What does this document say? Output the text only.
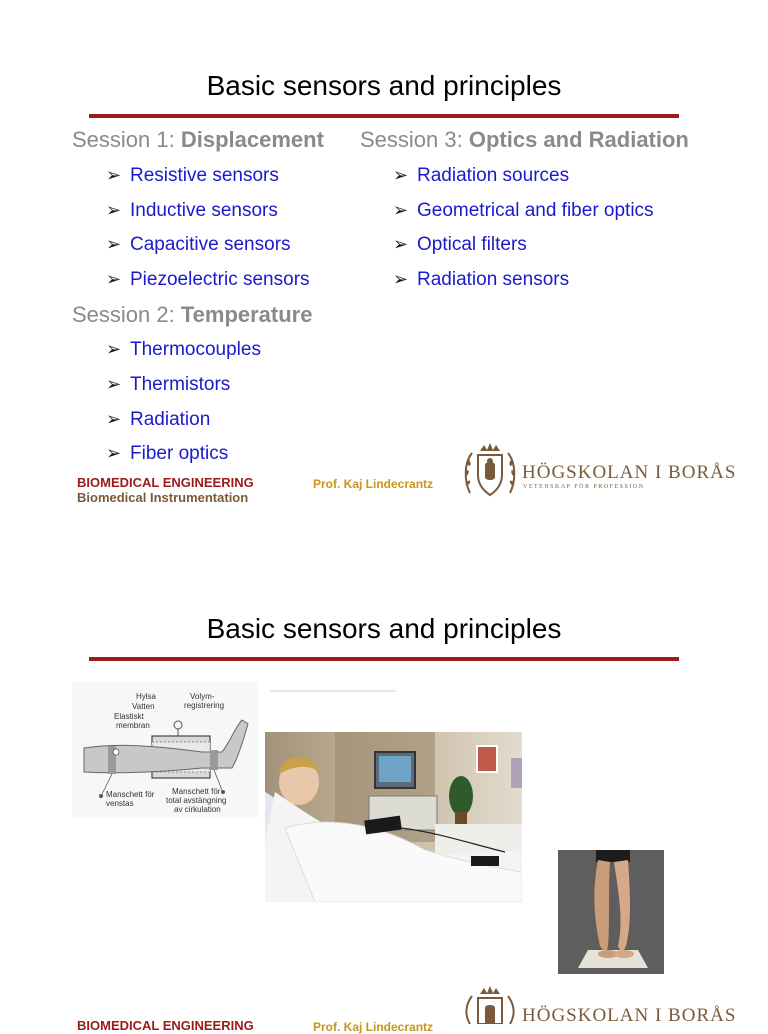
Basic sensors and principles
Session 1: Displacement
➢ Resistive sensors
➢ Inductive sensors
➢ Capacitive sensors
➢ Piezoelectric sensors
Session 2: Temperature
➢ Thermocouples
➢ Thermistors
➢ Radiation
➢ Fiber optics
Session 3: Optics and Radiation
➢ Radiation sources
➢ Geometrical and fiber optics
➢ Optical filters
➢ Radiation sensors
BIOMEDICAL ENGINEERING
Biomedical Instrumentation
Prof. Kaj Lindecrantz
HÖGSKOLAN I BORÅS
VETENSKAP FÖR PROFESSION
Basic sensors and principles
Hylsa
Vatten
Elastiskt
membran
Volym-
registrering
Manschett för
venstas
Manschett för
total avstängning
av cirkulation
BIOMEDICAL ENGINEERING	Prof. Kaj Lindecrantz
HÖGSKOLAN I BORÅS
